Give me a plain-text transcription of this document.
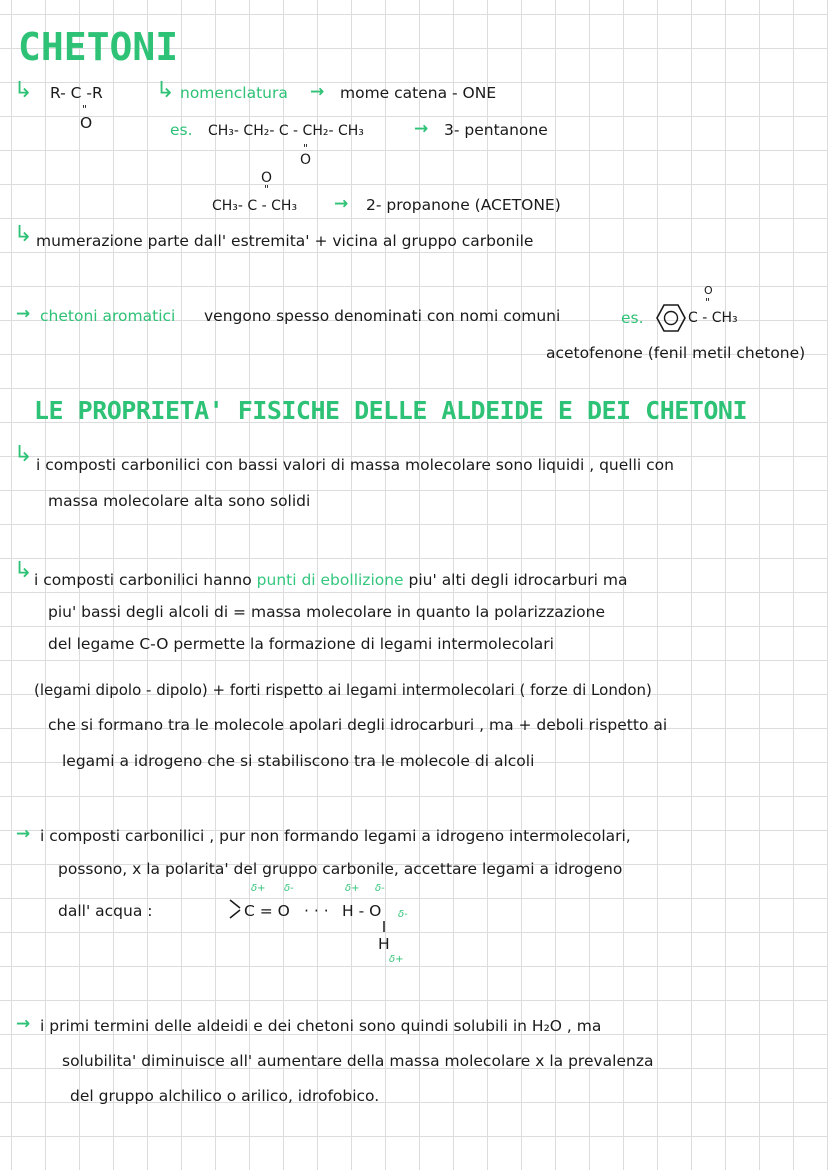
CHETONI
↳ R- C -R
"
O
↳ nomenclatura → mome catena - ONE
es. CH₃- CH₂- C - CH₂- CH₃
"
O
→ 3- pentanone
O
"
CH₃- C - CH₃ → 2- propanone (ACETONE)
↳ mumerazione parte dall' estremita' + vicina al gruppo carbonile
→ chetoni aromatici vengono spesso denominati con nomi comuni	es.
O
"
C - CH₃
acetofenone (fenil metil chetone)
LE PROPRIETA' FISICHE DELLE ALDEIDE E DEI CHETONI
↳ i composti carbonilici con bassi valori di massa molecolare sono liquidi , quelli con
massa molecolare alta sono solidi
↳ i composti carbonilici hanno punti di ebollizione piu' alti degli idrocarburi ma
piu' bassi degli alcoli di = massa molecolare in quanto la polarizzazione
del legame C-O permette la formazione di legami intermolecolari
(legami dipolo - dipolo) + forti rispetto ai legami intermolecolari ( forze di London)
che si formano tra le molecole apolari degli idrocarburi , ma + deboli rispetto ai
legami a idrogeno che si stabiliscono tra le molecole di alcoli
→ i composti carbonilici , pur non formando legami a idrogeno intermolecolari,
possono, x la polarita' del gruppo carbonile, accettare legami a idrogeno
dall' acqua :	C = O
δ+ δ-
· · ·
δ+ δ-
H - O δ-
H
δ+
→ i primi termini delle aldeidi e dei chetoni sono quindi solubili in H₂O , ma
solubilita' diminuisce all' aumentare della massa molecolare x la prevalenza
del gruppo alchilico o arilico, idrofobico.
